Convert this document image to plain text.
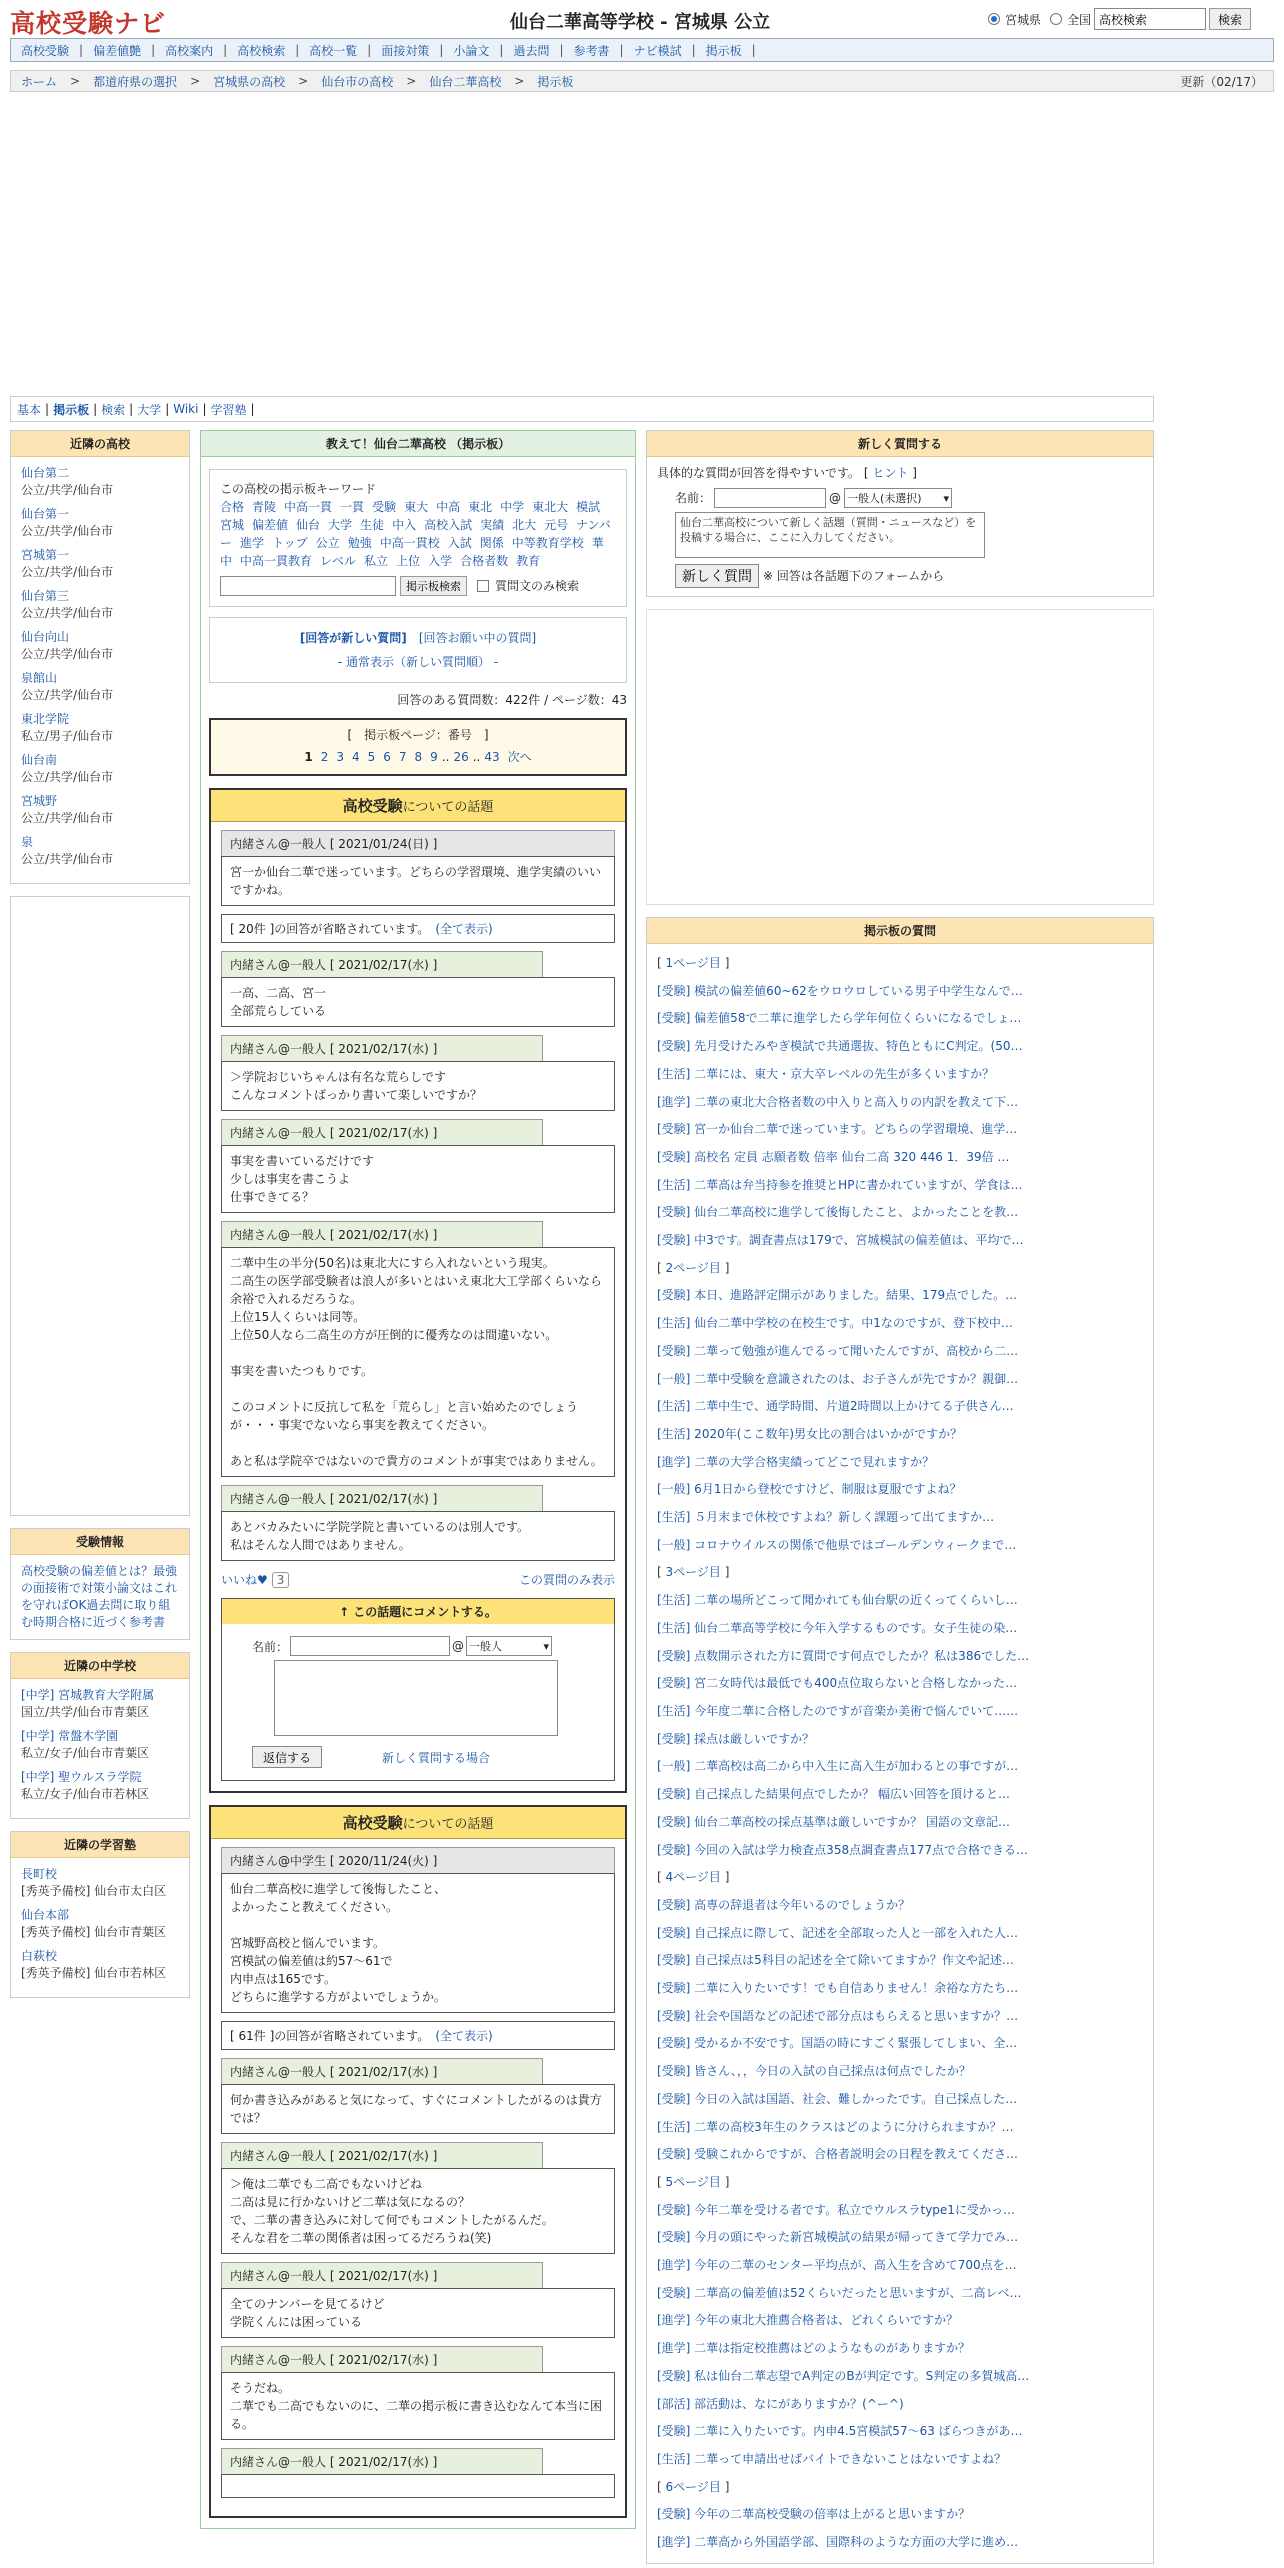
高校受験ナビ	仙台二華高等学校 - 宮城県 公立	宮城県 全国
高校検索	検索
高校受験 | 偏差値艶 | 高校案内 | 高校検索 | 高校一覧 | 面接対策 | 小論文 | 過去問 | 参考書 | ナビ模試 | 掲示板 |
ホーム	>	都道府県の選択	>	宮城県の高校	>	仙台市の高校	>	仙台二華高校	>	掲示板	更新（02/17）
基本 | 掲示板 | 検索 | 大学 | Wiki | 学習塾 |
近隣の高校
仙台第二
公立/共学/仙台市
仙台第一
公立/共学/仙台市
宮城第一
公立/共学/仙台市
仙台第三
公立/共学/仙台市
仙台向山
公立/共学/仙台市
泉館山
公立/共学/仙台市
東北学院
私立/男子/仙台市
仙台南
公立/共学/仙台市
宮城野
公立/共学/仙台市
泉
公立/共学/仙台市
受験情報
高校受験の偏差値とは？最強の面接術で対策小論文はこれを守ればOK過去問に取り組む時期合格に近づく参考書
近隣の中学校
[中学] 宮城教育大学附属
国立/共学/仙台市青葉区
[中学] 常盤木学園
私立/女子/仙台市青葉区
[中学] 聖ウルスラ学院
私立/女子/仙台市若林区
近隣の学習塾
長町校
[秀英予備校] 仙台市太白区
仙台本部
[秀英予備校] 仙台市青葉区
白萩校
[秀英予備校] 仙台市若林区
教えて！仙台二華高校 （掲示板）
この高校の掲示板キーワード
合格 青陵 中高一貫 一貫 受験 東大 中高 東北 中学 東北大 模試宮城 偏差値 仙台 大学 生徒 中入 高校入試 実績 北大 元号 ナンバー 進学 トップ 公立 勉強 中高一貫校 入試 関係 中等教育学校 華中 中高一貫教育 レベル 私立 上位 入学 合格者数 教育
掲示板検索	質問文のみ検索
[回答が新しい質問]　 [回答お願い中の質問]
- 通常表示（新しい質問順） -
回答のある質問数：422件 / ページ数：43
[　掲示板ページ：番号　]
1 2 3 4 5 6 7 8 9 .. 26 .. 43 次へ
高校受験についての話題
内緒さん@一般人 [ 2021/01/24(日) ]
宮一か仙台二華で迷っています。どちらの学習環境、進学実績のいいですかね。
[ 20件 ]の回答が省略されています。　 (全て表示)
内緒さん@一般人 [ 2021/02/17(水) ]
一高、二高、宮一
全部荒らしている
内緒さん@一般人 [ 2021/02/17(水) ]
＞学院おじいちゃんは有名な荒らしです
こんなコメントばっかり書いて楽しいですか？
内緒さん@一般人 [ 2021/02/17(水) ]
事実を書いているだけです
少しは事実を書こうよ
仕事できてる？
内緒さん@一般人 [ 2021/02/17(水) ]
二華中生の半分(50名)は東北大にすら入れないという現実。
二高生の医学部受験者は浪人が多いとはいえ東北大工学部くらいなら余裕で入れるだろうな。
上位15人くらいは同等。
上位50人なら二高生の方が圧倒的に優秀なのは間違いない。

事実を書いたつもりです。

このコメントに反抗して私を「荒らし」と言い始めたのでしょうが・・・事実でないなら事実を教えてください。

あと私は学院卒ではないので貴方のコメントが事実ではありません。
内緒さん@一般人 [ 2021/02/17(水) ]
あとバカみたいに学院学院と書いているのは別人です。
私はそんな人間ではありません。
いいね♥ 3	この質問のみ表示
↑ この話題にコメントする。
名前：	@ 一般人	▾
返信する	新しく質問する場合
高校受験についての話題
内緒さん@中学生 [ 2020/11/24(火) ]
仙台二華高校に進学して後悔したこと、
よかったこと教えてください。

宮城野高校と悩んでいます。
宮模試の偏差値は約57～61で
内申点は165です。
どちらに進学する方がよいでしょうか。
[ 61件 ]の回答が省略されています。　 (全て表示)
内緒さん@一般人 [ 2021/02/17(水) ]
何か書き込みがあると気になって、すぐにコメントしたがるのは貴方では？
内緒さん@一般人 [ 2021/02/17(水) ]
＞俺は二華でも二高でもないけどね
二高は見に行かないけど二華は気になるの？
で、二華の書き込みに対して何でもコメントしたがるんだ。
そんな君を二華の関係者は困ってるだろうね(笑)
内緒さん@一般人 [ 2021/02/17(水) ]
全てのナンバーを見てるけど
学院くんには困っている
内緒さん@一般人 [ 2021/02/17(水) ]
そうだね。
二華でも二高でもないのに、二華の掲示板に書き込むなんて本当に困る。
内緒さん@一般人 [ 2021/02/17(水) ]
新しく質問する
具体的な質問が回答を得やすいです。 [ ヒント ]
名前：	@ 一般人(未選択) ▾
仙台二華高校について新しく話題（質問・ニュースなど）を投稿する場合に、ここに入力してください。
新しく質問 ※ 回答は各話題下のフォームから
掲示板の質問
[ 1ページ目 ]
[受験] 模試の偏差値60~62をウロウロしている男子中学生なんで…
[受験] 偏差値58で二華に進学したら学年何位くらいになるでしょ…
[受験] 先月受けたみやぎ模試で共通選抜、特色ともにC判定。(50…
[生活] 二華には、東大・京大卒レベルの先生が多くいますか？
[進学] 二華の東北大合格者数の中入りと高入りの内訳を教えて下…
[受験] 宮一か仙台二華で迷っています。どちらの学習環境、進学…
[受験] 高校名 定員 志願者数 倍率 仙台二高 320 446 1．39倍 …
[生活] 二華高は弁当持参を推奨とHPに書かれていますが、学食は…
[受験] 仙台二華高校に進学して後悔したこと、よかったことを教…
[受験] 中3です。調査書点は179で、宮城模試の偏差値は、平均で…
[ 2ページ目 ]
[受験] 本日、進路評定開示がありました。結果、179点でした。…
[生活] 仙台二華中学校の在校生です。中1なのですが、登下校中…
[受験] 二華って勉強が進んでるって聞いたんですが、高校から二…
[一般] 二華中受験を意識されたのは、お子さんが先ですか？親御…
[生活] 二華中生で、通学時間、片道2時間以上かけてる子供さん…
[生活] 2020年(ここ数年)男女比の割合はいかがですか？
[進学] 二華の大学合格実績ってどこで見れますか？
[一般] 6月1日から登校ですけど、制服は夏服ですよね？
[生活] ５月末まで休校ですよね？新しく課題って出てますか…
[一般] コロナウイルスの関係で他県ではゴールデンウィークまで…
[ 3ページ目 ]
[生活] 二華の場所どこって聞かれても仙台駅の近くってくらいし…
[生活] 仙台二華高等学校に今年入学するものです。女子生徒の染…
[受験] 点数開示された方に質問です何点でしたか？私は386でした…
[受験] 宮二女時代は最低でも400点位取らないと合格しなかった…
[生活] 今年度二華に合格したのですが音楽か美術で悩んでいて……
[受験] 採点は厳しいですか？
[一般] 二華高校は高二から中入生に高入生が加わるとの事ですが…
[受験] 自己採点した結果何点でしたか？ 幅広い回答を頂けると…
[受験] 仙台二華高校の採点基準は厳しいですか？ 国語の文章記…
[受験] 今回の入試は学力検査点358点調査書点177点で合格できる…
[ 4ページ目 ]
[受験] 高専の辞退者は今年いるのでしょうか？
[受験] 自己採点に際して、記述を全部取った人と一部を入れた人…
[受験] 自己採点は5科目の記述を全て除いてますか？作文や記述…
[受験] 二華に入りたいです！でも自信ありません！余裕な方たち…
[受験] 社会や国語などの記述で部分点はもらえると思いますか？…
[受験] 受かるか不安です。国語の時にすごく緊張してしまい、全…
[受験] 皆さん、，，今日の入試の自己採点は何点でしたか？
[受験] 今日の入試は国語、社会、難しかったです。自己採点した…
[生活] 二華の高校3年生のクラスはどのように分けられますか？…
[受験] 受験これからですが、合格者説明会の日程を教えてくださ…
[ 5ページ目 ]
[受験] 今年二華を受ける者です。私立でウルスラtype1に受かっ…
[受験] 今月の頭にやった新宮城模試の結果が帰ってきて学力でみ…
[進学] 今年の二華のセンター平均点が、高入生を含めて700点を…
[受験] 二華高の偏差値は52くらいだったと思いますが、二高レベ…
[進学] 今年の東北大推薦合格者は、どれくらいですか？
[進学] 二華は指定校推薦はどのようなものがありますか？
[受験] 私は仙台二華志望でA判定のBが判定です。S判定の多賀城高…
[部活] 部活動は、なにがありますか？(^ー^)
[受験] 二華に入りたいです。内申4.5宮模試57～63 ばらつきがあ…
[生活] 二華って申請出せばバイトできないことはないですよね？
[ 6ページ目 ]
[受験] 今年の二華高校受験の倍率は上がると思いますか？
[進学] 二華高から外国語学部、国際科のような方面の大学に進め…
